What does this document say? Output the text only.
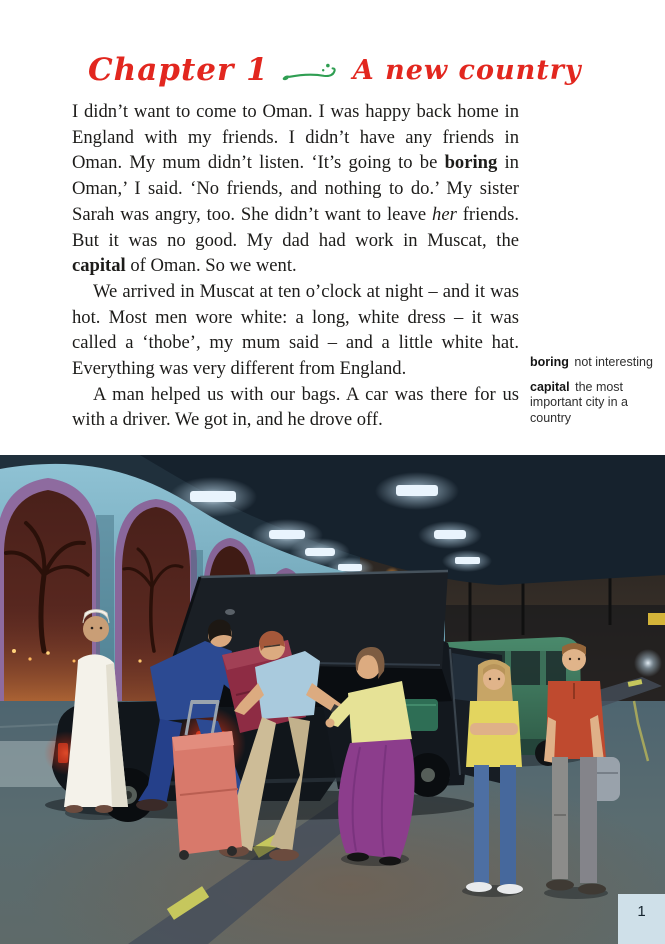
Chapter 1	A new country

I didn’t want to come to Oman. I was happy back home in England with my friends. I didn’t have any friends in Oman. My mum didn’t listen. ‘It’s going to be boring in Oman,’ I said. ‘No friends, and nothing to do.’ My sister Sarah was angry, too. She didn’t want to leave her friends. But it was no good. My dad had work in Muscat, the capital of Oman. So we went.

We arrived in Muscat at ten o’clock at night – and it was hot. Most men wore white: a long, white dress – it was called a ‘thobe’, my mum said – and a little white hat. Everything was very different from England.

A man helped us with our bags. A car was there for us with a driver. We got in, and he drove off.

boring not interesting

capital the most important city in a country

1
